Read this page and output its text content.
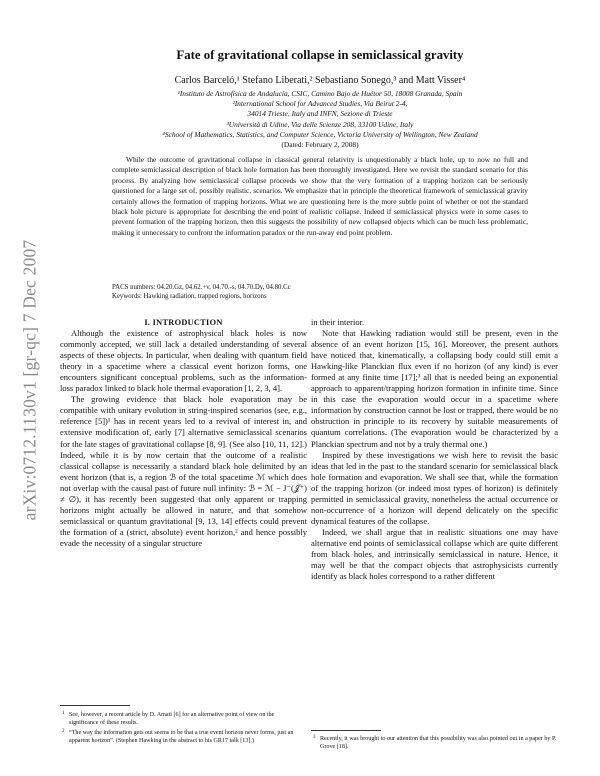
arXiv:0712.1130v1 [gr-qc] 7 Dec 2007
Fate of gravitational collapse in semiclassical gravity
Carlos Barceló,¹ Stefano Liberati,² Sebastiano Sonego,³ and Matt Visser⁴
¹Instituto de Astrofísica de Andalucía, CSIC, Camino Bajo de Huétor 50, 18008 Granada, Spain
²International School for Advanced Studies, Via Beirut 2-4,
34014 Trieste, Italy and INFN, Sezione di Trieste
³Università di Udine, Via delle Scienze 208, 33100 Udine, Italy
⁴School of Mathematics, Statistics, and Computer Science, Victoria University of Wellington, New Zealand
(Dated: February 2, 2008)
While the outcome of gravitational collapse in classical general relativity is unquestionably a black hole, up to now no full and complete semiclassical description of black hole formation has been thoroughly investigated. Here we revisit the standard scenario for this process. By analyzing how semiclassical collapse proceeds we show that the very formation of a trapping horizon can be seriously questioned for a large set of, possibly realistic, scenarios. We emphasize that in principle the theoretical framework of semiclassical gravity certainly allows the formation of trapping horizons. What we are questioning here is the more subtle point of whether or not the standard black hole picture is appropriate for describing the end point of realistic collapse. Indeed if semiclassical physics were in some cases to prevent formation of the trapping horizon, then this suggests the possibility of new collapsed objects which can be much less problematic, making it unnecessary to confront the information paradox or the run-away end point problem.
PACS numbers: 04.20.Gz, 04.62.+v, 04.70.-s, 04.70.Dy, 04.80.Cc
Keywords: Hawking radiation, trapped regions, horizons

I. INTRODUCTION

Although the existence of astrophysical black holes is now commonly accepted, we still lack a detailed understanding of several aspects of these objects. In particular, when dealing with quantum field theory in a spacetime where a classical event horizon forms, one encounters significant conceptual problems, such as the information-loss paradox linked to black hole thermal evaporation [1, 2, 3, 4].

The growing evidence that black hole evaporation may be compatible with unitary evolution in string-inspired scenarios (see, e.g., reference [5])¹ has in recent years led to a revival of interest in, and extensive modification of, early [7] alternative semiclassical scenarios for the late stages of gravitational collapse [8, 9]. (See also [10, 11, 12].) Indeed, while it is by now certain that the outcome of a realistic classical collapse is necessarily a standard black hole delimited by an event horizon (that is, a region ℬ of the total spacetime ℳ which does not overlap with the causal past of future null infinity: ℬ = ℳ − J⁻(𝒥⁺) ≠ ∅), it has recently been suggested that only apparent or trapping horizons might actually be allowed in nature, and that somehow semiclassical or quantum gravitational [9, 13, 14] effects could prevent the formation of a (strict, absolute) event horizon,² and hence possibly evade the necessity of a singular structure

in their interior.

Note that Hawking radiation would still be present, even in the absence of an event horizon [15, 16]. Moreover, the present authors have noticed that, kinematically, a collapsing body could still emit a Hawking-like Planckian flux even if no horizon (of any kind) is ever formed at any finite time [17];³ all that is needed being an exponential approach to apparent/trapping horizon formation in infinite time. Since in this case the evaporation would occur in a spacetime where information by construction cannot be lost or trapped, there would be no obstruction in principle to its recovery by suitable measurements of quantum correlations. (The evaporation would be characterized by a Planckian spectrum and not by a truly thermal one.)

Inspired by these investigations we wish here to revisit the basic ideas that led in the past to the standard scenario for semiclassical black hole formation and evaporation. We shall see that, while the formation of the trapping horizon (or indeed most types of horizon) is definitely permitted in semiclassical gravity, nonetheless the actual occurrence or non-occurrence of a horizon will depend delicately on the specific dynamical features of the collapse.

Indeed, we shall argue that in realistic situations one may have alternative end points of semiclassical collapse which are quite different from black holes, and intrinsically semiclassical in nature. Hence, it may well be that the compact objects that astrophysicists currently identify as black holes correspond to a rather different

1 See, however, a recent article by D. Amati [6] for an alternative point of view on the significance of these results.

2 “The way the information gets out seems to be that a true event horizon never forms, just an apparent horizon”. (Stephen Hawking in the abstract to his GR17 talk [13].)

3 Recently, it was brought to our attention that this possibility was also pointed out in a paper by P. Grove [18].
